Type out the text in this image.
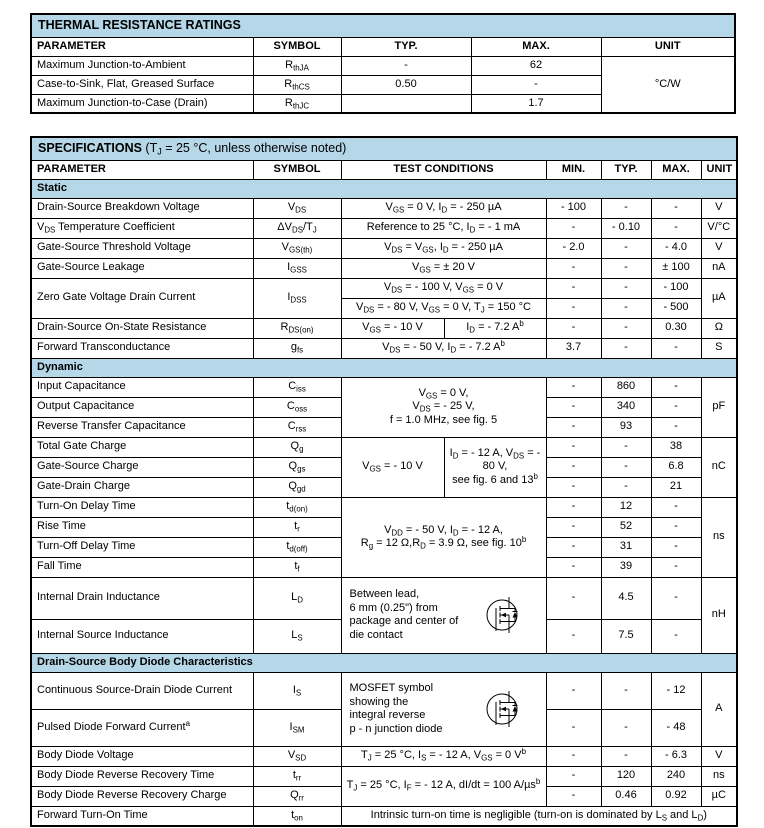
THERMAL RESISTANCE RATINGS				
PARAMETER	SYMBOL	TYP.	MAX.	UNIT
Maximum Junction-to-Ambient	$R_{thJA}$	-	62	°C/W
Case-to-Sink, Flat, Greased Surface	$R_{thCS}$	0.50	-	
Maximum Junction-to-Case (Drain)	$R_{thJC}$		1.7	
SPECIFICATIONS ($T_J = 25$ °C, unless otherwise noted)							
PARAMETER	SYMBOL	TEST CONDITIONS		MIN.	TYP.	MAX.	UNIT
Static							
Drain-Source Breakdown Voltage	$V_{DS}$	$V_{GS} = 0$ V, $I_D$ = - 250 µA		- 100	-	-	V
$V_{DS}$ Temperature Coefficient	$\Delta V_{DS}/T_J$	Reference to 25 °C, $I_D$ = - 1 mA		-	- 0.10	-	V/°C
Gate-Source Threshold Voltage	$V_{GS(th)}$	$V_{DS} = V_{GS}$, $I_D$ = - 250 µA		- 2.0	-	- 4.0	V
Gate-Source Leakage	$I_{GSS}$	$V_{GS}$ = ± 20 V		-	-	± 100	nA
Zero Gate Voltage Drain Current	$I_{DSS}$	$V_{DS}$ = - 100 V, $V_{GS} = 0$ V		-	-	- 100	µA
		$V_{DS}$ = - 80 V, $V_{GS} = 0$ V, $T_J = 150$ °C		-	-	- 500	
Drain-Source On-State Resistance	$R_{DS(on)}$	$V_{GS}$ = - 10 V	$I_D$ = - 7.2 $A^b$	-	-	0.30	Ω
Forward Transconductance	$g_{fs}$	$V_{DS}$ = - 50 V, $I_D$ = - 7.2 $A^b$		3.7	-	-	S
Dynamic							
Input Capacitance	$C_{iss}$	$V_{GS} = 0$ V,
$V_{DS}$ = - 25 V,
f = 1.0 MHz, see fig. 5		-	860	-	pF
Output Capacitance	$C_{oss}$			-	340	-	
Reverse Transfer Capacitance	$C_{rss}$			-	93	-	
Total Gate Charge	$Q_g$	$V_{GS}$ = - 10 V	$I_D$ = - 12 A, $V_{DS}$ = - 80 V,
see fig. 6 and 13$^b$	-	-	38	nC
Gate-Source Charge	$Q_{gs}$			-	-	6.8	
Gate-Drain Charge	$Q_{gd}$			-	-	21	
Turn-On Delay Time	$t_{d(on)}$	$V_{DD}$ = - 50 V, $I_D$ = - 12 A,
$R_g = 12$ $\Omega,R_D = 3.9$ Ω, see fig. 10$^b$		-	12	-	ns
Rise Time	$t_r$			-	52	-	
Turn-Off Delay Time	$t_{d(off)}$			-	31	-	
Fall Time	$t_f$			-	39	-	
Internal Drain Inductance	$L_D$	Between lead,
6 mm (0.25") from
package and center of
die contact		-	4.5	-	nH
Internal Source Inductance	$L_S$			-	7.5	-	
Drain-Source Body Diode Characteristics							
Continuous Source-Drain Diode Current	$I_S$	MOSFET symbol
showing the
integral reverse
p - n junction diode		-	-	- 12	A
Pulsed Diode Forward Current$^a$	$I_{SM}$			-	-	- 48	
Body Diode Voltage	$V_{SD}$	$T_J = 25$ °C, $I_S$ = - 12 A, $V_{GS} = 0$ $V^b$		-	-	- 6.3	V
Body Diode Reverse Recovery Time	$t_{rr}$	$T_J = 25$ °C, $I_F$ = - 12 A, dI/dt = 100 A/µs$^b$		-	120	240	ns
Body Diode Reverse Recovery Charge	$Q_{rr}$			-	0.46	0.92	µC
Forward Turn-On Time	$t_{on}$	Intrinsic turn-on time is negligible (turn-on is dominated by $L_S$ and $L_D$)					
